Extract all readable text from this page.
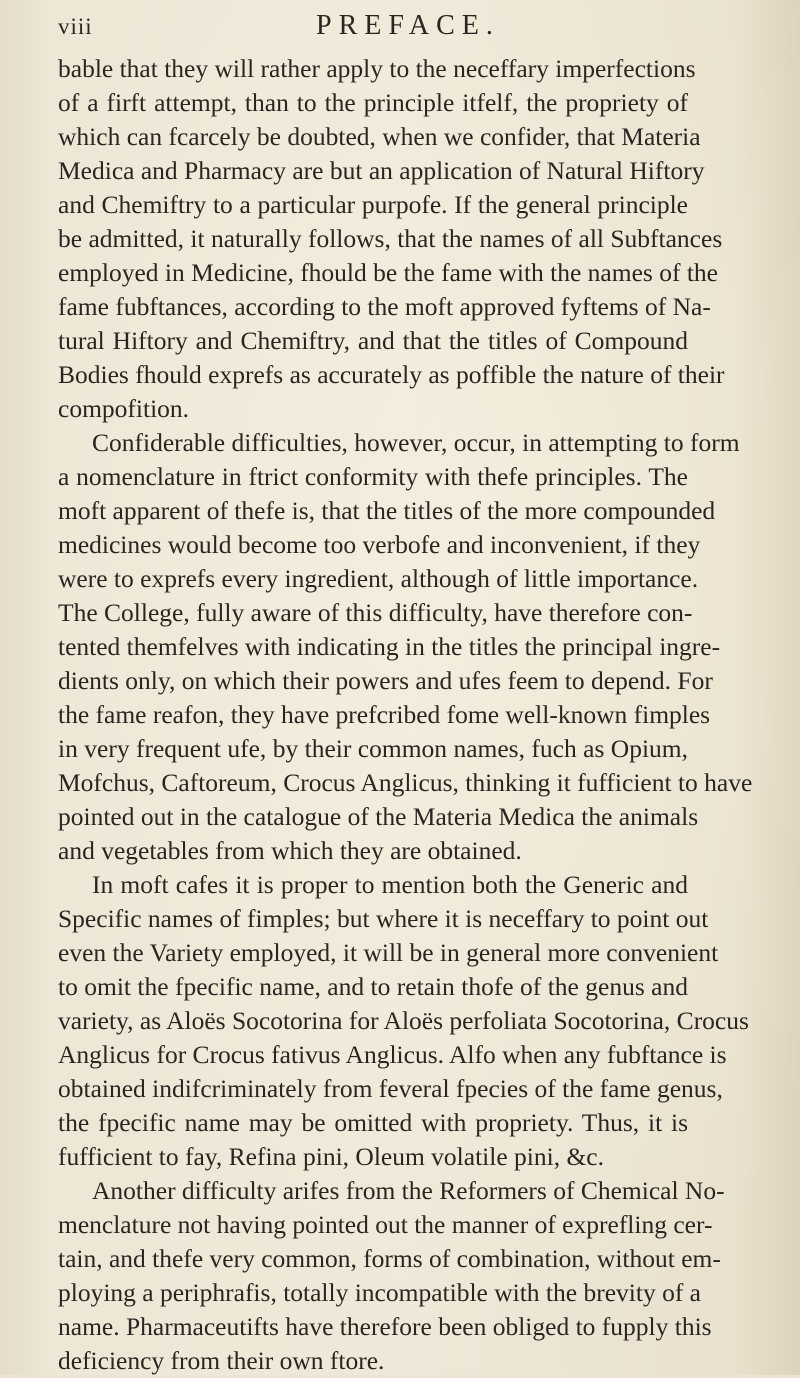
viii	PREFACE.
bable that they will rather apply to the neceffary imperfections
of a firft attempt, than to the principle itfelf, the propriety of
which can fcarcely be doubted, when we confider, that Materia
Medica and Pharmacy are but an application of Natural Hiftory
and Chemiftry to a particular purpofe. If the general principle
be admitted, it naturally follows, that the names of all Subftances
employed in Medicine, fhould be the fame with the names of the
fame fubftances, according to the moft approved fyftems of Na-
tural Hiftory and Chemiftry, and that the titles of Compound
Bodies fhould exprefs as accurately as poffible the nature of their
compofition.
Confiderable difficulties, however, occur, in attempting to form
a nomenclature in ftrict conformity with thefe principles. The
moft apparent of thefe is, that the titles of the more compounded
medicines would become too verbofe and inconvenient, if they
were to exprefs every ingredient, although of little importance.
The College, fully aware of this difficulty, have therefore con-
tented themfelves with indicating in the titles the principal ingre-
dients only, on which their powers and ufes feem to depend. For
the fame reafon, they have prefcribed fome well-known fimples
in very frequent ufe, by their common names, fuch as Opium,
Mofchus, Caftoreum, Crocus Anglicus, thinking it fufficient to have
pointed out in the catalogue of the Materia Medica the animals
and vegetables from which they are obtained.
In moft cafes it is proper to mention both the Generic and
Specific names of fimples; but where it is neceffary to point out
even the Variety employed, it will be in general more convenient
to omit the fpecific name, and to retain thofe of the genus and
variety, as Aloës Socotorina for Aloës perfoliata Socotorina, Crocus
Anglicus for Crocus fativus Anglicus. Alfo when any fubftance is
obtained indifcriminately from feveral fpecies of the fame genus,
the fpecific name may be omitted with propriety. Thus, it is
fufficient to fay, Refina pini, Oleum volatile pini, &c.
Another difficulty arifes from the Reformers of Chemical No-
menclature not having pointed out the manner of exprefling cer-
tain, and thefe very common, forms of combination, without em-
ploying a periphrafis, totally incompatible with the brevity of a
name. Pharmaceutifts have therefore been obliged to fupply this
deficiency from their own ftore.
